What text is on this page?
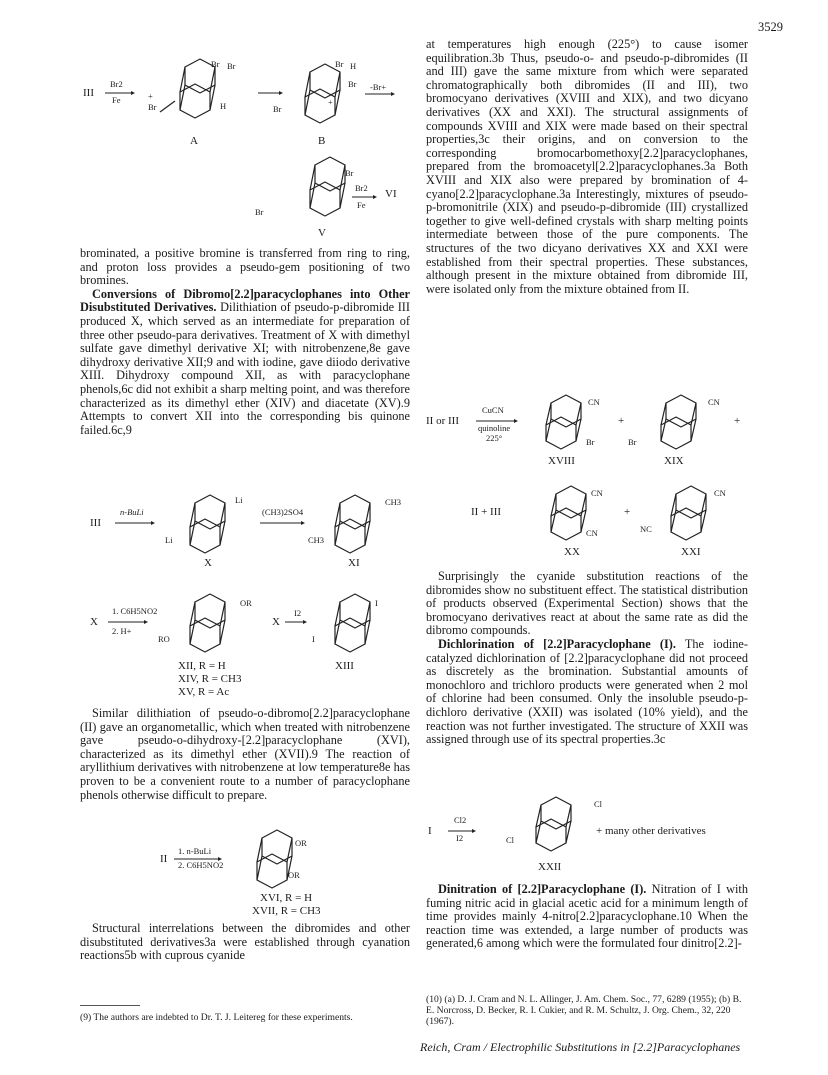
3529
III
Br2
Fe
Br Br
+
Br	H
A
Br H
Br
+
Br
-Br+
B
Br
Br
V
Br2
Fe
→ VI

brominated, a positive bromine is transferred from ring to ring, and proton loss provides a pseudo-gem positioning of two bromines.

Conversions of Dibromo[2.2]paracyclophanes into Other Disubstituted Derivatives. Dilithiation of pseudo-p-dibromide III produced X, which served as an intermediate for preparation of three other pseudo-para derivatives. Treatment of X with dimethyl sulfate gave dimethyl derivative XI; with nitrobenzene,8e gave dihydroxy derivative XII;9 and with iodine, gave diiodo derivative XIII. Dihydroxy compound XII, as with paracyclophane phenols,6c did not exhibit a sharp melting point, and was therefore characterized as its dimethyl ether (XIV) and diacetate (XV).9 Attempts to convert XII into the corresponding bis quinone failed.6c,9

III
n-BuLi
Li
Li
X
(CH3)2SO4
CH3
CH3
XI
X
1. C6H5NO2
2. H+
OR
RO
XII, R = H
XIV, R = CH3
XV, R = Ac
X
I2
I
I
XIII

Similar dilithiation of pseudo-o-dibromo[2.2]paracyclophane (II) gave an organometallic, which when treated with nitrobenzene gave pseudo-o-dihydroxy-[2.2]paracyclophane (XVI), characterized as its dimethyl ether (XVII).9 The reaction of aryllithium derivatives with nitrobenzene at low temperature8e has proven to be a convenient route to a number of paracyclophane phenols otherwise difficult to prepare.

II
1. n-BuLi
2. C6H5NO2
OR
OR
XVI, R = H
XVII, R = CH3

Structural interrelations between the dibromides and other disubstituted derivatives3a were established through cyanation reactions5b with cuprous cyanide

(9) The authors are indebted to Dr. T. J. Leitereg for these experiments.

at temperatures high enough (225°) to cause isomer equilibration.3b Thus, pseudo-o- and pseudo-p-dibromides (II and III) gave the same mixture from which were separated chromatographically both dibromides (II and III), two bromocyano derivatives (XVIII and XIX), and two dicyano derivatives (XX and XXI). The structural assignments of compounds XVIII and XIX were made based on their spectral properties,3c their origins, and on conversion to the corresponding bromocarbomethoxy[2.2]paracyclophanes, prepared from the bromoacetyl[2.2]paracyclophanes.3a Both XVIII and XIX also were prepared by bromination of 4-cyano[2.2]paracyclophane.3a Interestingly, mixtures of pseudo-p-bromonitrile (XIX) and pseudo-p-dibromide (III) crystallized together to give well-defined crystals with sharp melting points intermediate between those of the pure components. The structures of the two dicyano derivatives XX and XXI were established from their spectral properties. These substances, although present in the mixture obtained from dibromide III, were isolated only from the mixture obtained from II.

II or III
CuCN
quinoline
225°
CN
Br
XVIII
+
CN
Br
XIX
+
II + III
CN
CN
XX
+
CN
NC
XXI

Surprisingly the cyanide substitution reactions of the dibromides show no substituent effect. The statistical distribution of products observed (Experimental Section) shows that the bromocyano derivatives react at about the same rate as did the dibromo compounds.

Dichlorination of [2.2]Paracyclophane (I). The iodine-catalyzed dichlorination of [2.2]paracyclophane did not proceed as discretely as the bromination. Substantial amounts of monochloro and trichloro products were generated when 2 mol of chlorine had been consumed. Only the insoluble pseudo-p-dichloro derivative (XXII) was isolated (10% yield), and the reaction was not further investigated. The structure of XXII was assigned through use of its spectral properties.3c

I
Cl2
I2
Cl
Cl
XXII
+ many other derivatives

Dinitration of [2.2]Paracyclophane (I). Nitration of I with fuming nitric acid in glacial acetic acid for a minimum length of time provides mainly 4-nitro[2.2]paracyclophane.10 When the reaction time was extended, a large number of products was generated,6 among which were the formulated four dinitro[2.2]-

(10) (a) D. J. Cram and N. L. Allinger, J. Am. Chem. Soc., 77, 6289 (1955); (b) B. E. Norcross, D. Becker, R. I. Cukier, and R. M. Schultz, J. Org. Chem., 32, 220 (1967).
Reich, Cram / Electrophilic Substitutions in [2.2]Paracyclophanes
